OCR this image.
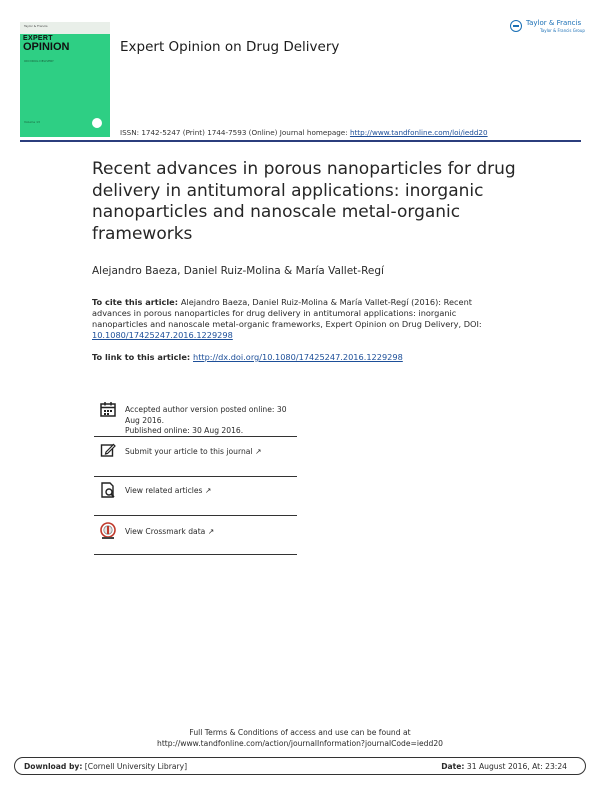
Taylor & Francis
EXPERT
OPINION
ON DRUG DELIVERY
Volume 13
Expert Opinion on Drug Delivery
Taylor & Francis
Taylor & Francis Group
ISSN: 1742-5247 (Print) 1744-7593 (Online) Journal homepage: http://www.tandfonline.com/loi/iedd20
Recent advances in porous nanoparticles for drug delivery in antitumoral applications: inorganic nanoparticles and nanoscale metal-organic frameworks
Alejandro Baeza, Daniel Ruiz-Molina & María Vallet-Regí
To cite this article: Alejandro Baeza, Daniel Ruiz-Molina & María Vallet-Regí (2016): Recent advances in porous nanoparticles for drug delivery in antitumoral applications: inorganic nanoparticles and nanoscale metal-organic frameworks, Expert Opinion on Drug Delivery, DOI: 10.1080/17425247.2016.1229298
To link to this article: http://dx.doi.org/10.1080/17425247.2016.1229298
Accepted author version posted online: 30 Aug 2016.
Published online: 30 Aug 2016.
Submit your article to this journal ↗
View related articles ↗
View Crossmark data ↗
Full Terms & Conditions of access and use can be found at
http://www.tandfonline.com/action/journalInformation?journalCode=iedd20
Download by: [Cornell University Library]	Date: 31 August 2016, At: 23:24
